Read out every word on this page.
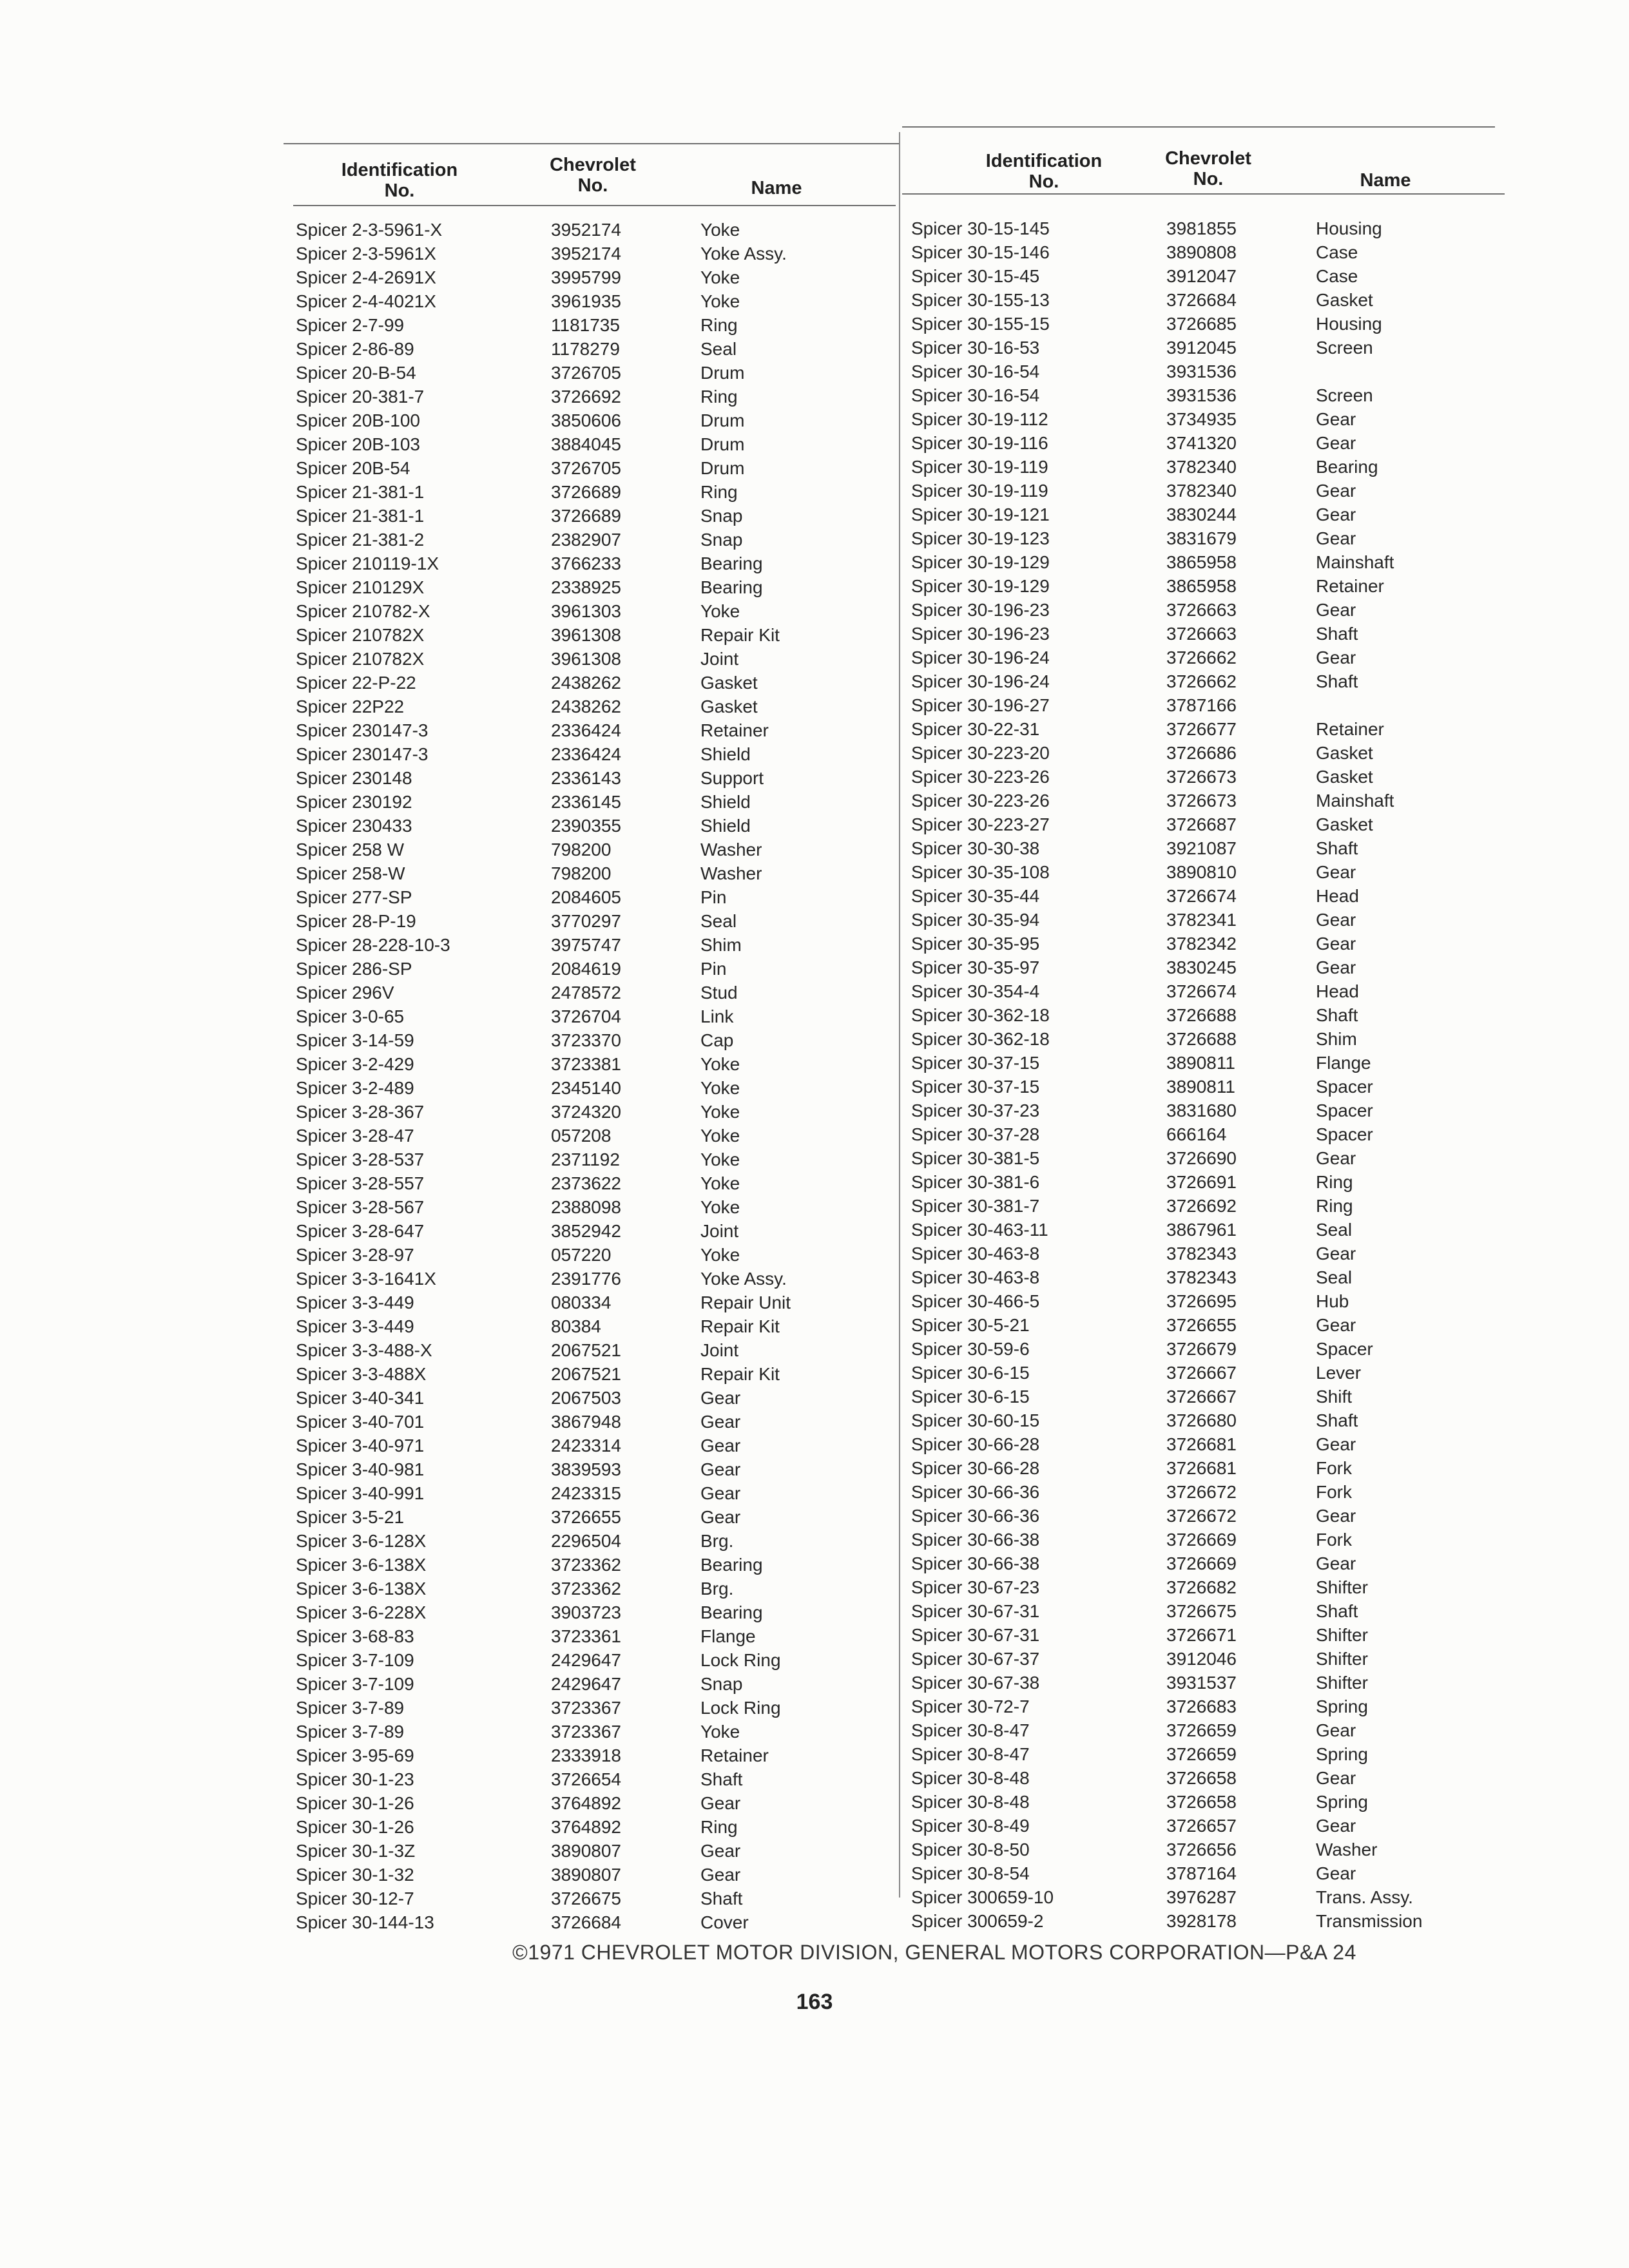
Identification
No.
Chevrolet
No.	Name
Spicer 2-3-5961-X	3952174	Yoke
Spicer 2-3-5961X	3952174	Yoke Assy.
Spicer 2-4-2691X	3995799	Yoke
Spicer 2-4-4021X	3961935	Yoke
Spicer 2-7-99	1181735	Ring
Spicer 2-86-89	1178279	Seal
Spicer 20-B-54	3726705	Drum
Spicer 20-381-7	3726692	Ring
Spicer 20B-100	3850606	Drum
Spicer 20B-103	3884045	Drum
Spicer 20B-54	3726705	Drum
Spicer 21-381-1	3726689	Ring
Spicer 21-381-1	3726689	Snap
Spicer 21-381-2	2382907	Snap
Spicer 210119-1X	3766233	Bearing
Spicer 210129X	2338925	Bearing
Spicer 210782-X	3961303	Yoke
Spicer 210782X	3961308	Repair Kit
Spicer 210782X	3961308	Joint
Spicer 22-P-22	2438262	Gasket
Spicer 22P22	2438262	Gasket
Spicer 230147-3	2336424	Retainer
Spicer 230147-3	2336424	Shield
Spicer 230148	2336143	Support
Spicer 230192	2336145	Shield
Spicer 230433	2390355	Shield
Spicer 258 W	798200	Washer
Spicer 258-W	798200	Washer
Spicer 277-SP	2084605	Pin
Spicer 28-P-19	3770297	Seal
Spicer 28-228-10-3	3975747	Shim
Spicer 286-SP	2084619	Pin
Spicer 296V	2478572	Stud
Spicer 3-0-65	3726704	Link
Spicer 3-14-59	3723370	Cap
Spicer 3-2-429	3723381	Yoke
Spicer 3-2-489	2345140	Yoke
Spicer 3-28-367	3724320	Yoke
Spicer 3-28-47	057208	Yoke
Spicer 3-28-537	2371192	Yoke
Spicer 3-28-557	2373622	Yoke
Spicer 3-28-567	2388098	Yoke
Spicer 3-28-647	3852942	Joint
Spicer 3-28-97	057220	Yoke
Spicer 3-3-1641X	2391776	Yoke Assy.
Spicer 3-3-449	080334	Repair Unit
Spicer 3-3-449	80384	Repair Kit
Spicer 3-3-488-X	2067521	Joint
Spicer 3-3-488X	2067521	Repair Kit
Spicer 3-40-341	2067503	Gear
Spicer 3-40-701	3867948	Gear
Spicer 3-40-971	2423314	Gear
Spicer 3-40-981	3839593	Gear
Spicer 3-40-991	2423315	Gear
Spicer 3-5-21	3726655	Gear
Spicer 3-6-128X	2296504	Brg.
Spicer 3-6-138X	3723362	Bearing
Spicer 3-6-138X	3723362	Brg.
Spicer 3-6-228X	3903723	Bearing
Spicer 3-68-83	3723361	Flange
Spicer 3-7-109	2429647	Lock Ring
Spicer 3-7-109	2429647	Snap
Spicer 3-7-89	3723367	Lock Ring
Spicer 3-7-89	3723367	Yoke
Spicer 3-95-69	2333918	Retainer
Spicer 30-1-23	3726654	Shaft
Spicer 30-1-26	3764892	Gear
Spicer 30-1-26	3764892	Ring
Spicer 30-1-3Z	3890807	Gear
Spicer 30-1-32	3890807	Gear
Spicer 30-12-7	3726675	Shaft
Spicer 30-144-13	3726684	Cover
Identification
No.
Chevrolet
No.	Name
Spicer 30-15-145	3981855	Housing
Spicer 30-15-146	3890808	Case
Spicer 30-15-45	3912047	Case
Spicer 30-155-13	3726684	Gasket
Spicer 30-155-15	3726685	Housing
Spicer 30-16-53	3912045	Screen
Spicer 30-16-54	3931536
Spicer 30-16-54	3931536	Screen
Spicer 30-19-112	3734935	Gear
Spicer 30-19-116	3741320	Gear
Spicer 30-19-119	3782340	Bearing
Spicer 30-19-119	3782340	Gear
Spicer 30-19-121	3830244	Gear
Spicer 30-19-123	3831679	Gear
Spicer 30-19-129	3865958	Mainshaft
Spicer 30-19-129	3865958	Retainer
Spicer 30-196-23	3726663	Gear
Spicer 30-196-23	3726663	Shaft
Spicer 30-196-24	3726662	Gear
Spicer 30-196-24	3726662	Shaft
Spicer 30-196-27	3787166
Spicer 30-22-31	3726677	Retainer
Spicer 30-223-20	3726686	Gasket
Spicer 30-223-26	3726673	Gasket
Spicer 30-223-26	3726673	Mainshaft
Spicer 30-223-27	3726687	Gasket
Spicer 30-30-38	3921087	Shaft
Spicer 30-35-108	3890810	Gear
Spicer 30-35-44	3726674	Head
Spicer 30-35-94	3782341	Gear
Spicer 30-35-95	3782342	Gear
Spicer 30-35-97	3830245	Gear
Spicer 30-354-4	3726674	Head
Spicer 30-362-18	3726688	Shaft
Spicer 30-362-18	3726688	Shim
Spicer 30-37-15	3890811	Flange
Spicer 30-37-15	3890811	Spacer
Spicer 30-37-23	3831680	Spacer
Spicer 30-37-28	666164	Spacer
Spicer 30-381-5	3726690	Gear
Spicer 30-381-6	3726691	Ring
Spicer 30-381-7	3726692	Ring
Spicer 30-463-11	3867961	Seal
Spicer 30-463-8	3782343	Gear
Spicer 30-463-8	3782343	Seal
Spicer 30-466-5	3726695	Hub
Spicer 30-5-21	3726655	Gear
Spicer 30-59-6	3726679	Spacer
Spicer 30-6-15	3726667	Lever
Spicer 30-6-15	3726667	Shift
Spicer 30-60-15	3726680	Shaft
Spicer 30-66-28	3726681	Gear
Spicer 30-66-28	3726681	Fork
Spicer 30-66-36	3726672	Fork
Spicer 30-66-36	3726672	Gear
Spicer 30-66-38	3726669	Fork
Spicer 30-66-38	3726669	Gear
Spicer 30-67-23	3726682	Shifter
Spicer 30-67-31	3726675	Shaft
Spicer 30-67-31	3726671	Shifter
Spicer 30-67-37	3912046	Shifter
Spicer 30-67-38	3931537	Shifter
Spicer 30-72-7	3726683	Spring
Spicer 30-8-47	3726659	Gear
Spicer 30-8-47	3726659	Spring
Spicer 30-8-48	3726658	Gear
Spicer 30-8-48	3726658	Spring
Spicer 30-8-49	3726657	Gear
Spicer 30-8-50	3726656	Washer
Spicer 30-8-54	3787164	Gear
Spicer 300659-10	3976287	Trans. Assy.
Spicer 300659-2	3928178	Transmission
©1971 CHEVROLET MOTOR DIVISION, GENERAL MOTORS CORPORATION—P&A 24
163
